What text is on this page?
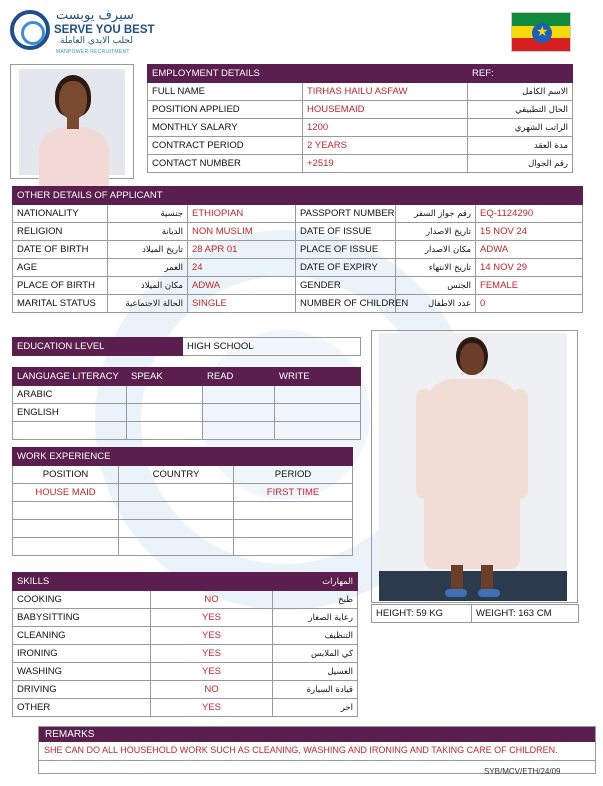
سيرف يوبست
SERVE YOU BEST
لجلب الايدي العاملة
MANPOWER RECRUITMENT
★
EMPLOYMENT DETAILS		REF:
FULL NAME	TIRHAS HAILU ASFAW	الاسم الكامل
POSITION APPLIED	HOUSEMAID	الحال التطبيقي
MONTHLY SALARY	1200	الراتب الشهري
CONTRACT PERIOD	2 YEARS	مدة العقد
CONTACT NUMBER	+2519	رقم الجوال
OTHER DETAILS OF APPLICANT					
NATIONALITY	جنسية	ETHIOPIAN	PASSPORT NUMBER	رقم جواز السفر	EQ-1124290
RELIGION	الديانة	NON MUSLIM	DATE OF ISSUE	تاريخ الاصدار	15 NOV 24
DATE OF BIRTH	تاريخ الميلاد	28 APR 01	PLACE OF ISSUE	مكان الاصدار	ADWA
AGE	العمر	24	DATE OF EXPIRY	تاريخ الانتهاء	14 NOV 29
PLACE OF BIRTH	مكان الميلاد	ADWA	GENDER	الجنس	FEMALE
MARITAL STATUS	الحالة الاجتماعية	SINGLE	NUMBER OF CHILDREN	عدد الاطفال	0
EDUCATION LEVEL	HIGH SCHOOL
LANGUAGE LITERACY	SPEAK	READ	WRITE
ARABIC			
ENGLISH			

WORK EXPERIENCE		
POSITION	COUNTRY	PERIOD
HOUSE MAID		FIRST TIME

SKILLS		المهارات
COOKING	NO	طبخ
BABYSITTING	YES	رعاية الصغار
CLEANING	YES	التنظيف
IRONING	YES	كي الملابس
WASHING	YES	الغسيل
DRIVING	NO	قيادة السيارة
OTHER	YES	اخر
HEIGHT: 59 KG	WEIGHT: 163 CM
REMARKS
SHE CAN DO ALL HOUSEHOLD WORK SUCH AS CLEANING, WASHING AND IRONING AND TAKING CARE OF CHILDREN.
SYB/MCV/ETH/24/09
